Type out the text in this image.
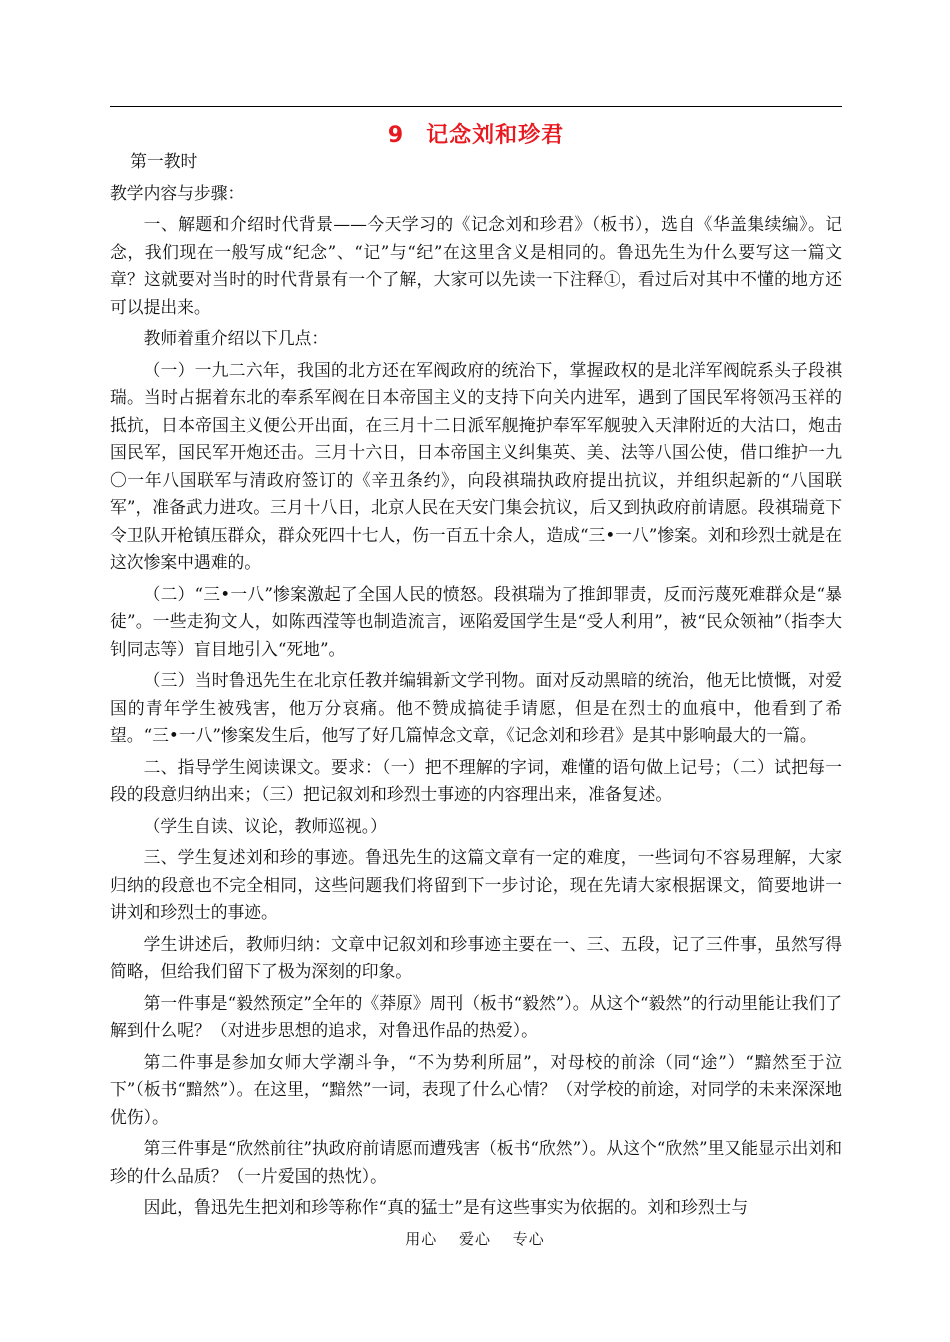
9 记念刘和珍君

第一教时

教学内容与步骤：

一、解题和介绍时代背景——今天学习的《记念刘和珍君》（板书），选自《华盖集续编》。记念，我们现在一般写成“纪念”、“记”与“纪”在这里含义是相同的。鲁迅先生为什么要写这一篇文章？这就要对当时的时代背景有一个了解，大家可以先读一下注释①，看过后对其中不懂的地方还可以提出来。

教师着重介绍以下几点：

（一）一九二六年，我国的北方还在军阀政府的统治下，掌握政权的是北洋军阀皖系头子段祺瑞。当时占据着东北的奉系军阀在日本帝国主义的支持下向关内进军，遇到了国民军将领冯玉祥的抵抗，日本帝国主义便公开出面，在三月十二日派军舰掩护奉军军舰驶入天津附近的大沽口，炮击国民军，国民军开炮还击。三月十六日，日本帝国主义纠集英、美、法等八国公使，借口维护一九〇一年八国联军与清政府签订的《辛丑条约》，向段祺瑞执政府提出抗议，并组织起新的“八国联军”，准备武力进攻。三月十八日，北京人民在天安门集会抗议，后又到执政府前请愿。段祺瑞竟下令卫队开枪镇压群众，群众死四十七人，伤一百五十余人，造成“三•一八”惨案。刘和珍烈士就是在这次惨案中遇难的。

（二）“三•一八”惨案激起了全国人民的愤怒。段祺瑞为了推卸罪责，反而污蔑死难群众是“暴徒”。一些走狗文人，如陈西滢等也制造流言，诬陷爱国学生是“受人利用”，被“民众领袖”（指李大钊同志等）盲目地引入“死地”。

（三）当时鲁迅先生在北京任教并编辑新文学刊物。面对反动黑暗的统治，他无比愤慨，对爱国的青年学生被残害，他万分哀痛。他不赞成搞徒手请愿，但是在烈士的血痕中，他看到了希望。“三•一八”惨案发生后，他写了好几篇悼念文章，《记念刘和珍君》是其中影响最大的一篇。

二、指导学生阅读课文。要求：（一）把不理解的字词，难懂的语句做上记号；（二）试把每一段的段意归纳出来；（三）把记叙刘和珍烈士事迹的内容理出来，准备复述。

（学生自读、议论，教师巡视。）

三、学生复述刘和珍的事迹。鲁迅先生的这篇文章有一定的难度，一些词句不容易理解，大家归纳的段意也不完全相同，这些问题我们将留到下一步讨论，现在先请大家根据课文，简要地讲一讲刘和珍烈士的事迹。

学生讲述后，教师归纳：文章中记叙刘和珍事迹主要在一、三、五段，记了三件事，虽然写得简略，但给我们留下了极为深刻的印象。

第一件事是“毅然预定”全年的《莽原》周刊（板书“毅然”）。从这个“毅然”的行动里能让我们了解到什么呢？（对进步思想的追求，对鲁迅作品的热爱）。

第二件事是参加女师大学潮斗争，“不为势利所屈”，对母校的前涂（同“途”）“黯然至于泣下”（板书“黯然”）。在这里，“黯然”一词，表现了什么心情？（对学校的前途，对同学的未来深深地优伤）。

第三件事是“欣然前往”执政府前请愿而遭残害（板书“欣然”）。从这个“欣然”里又能显示出刘和珍的什么品质？（一片爱国的热忱）。

因此，鲁迅先生把刘和珍等称作“真的猛士”是有这些事实为依据的。刘和珍烈士与

用心 爱心 专心
